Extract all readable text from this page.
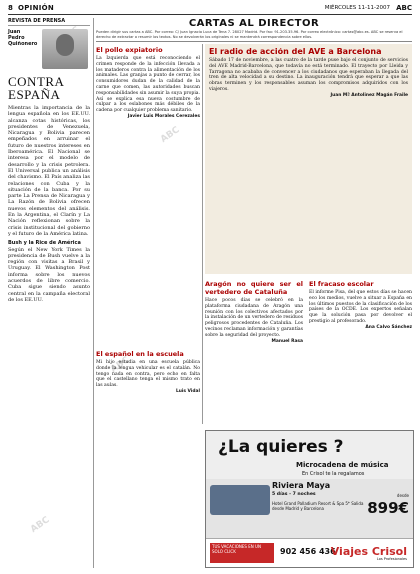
8 OPINIÓN	MIÉRCOLES 11-11-2007 ABC
ABC
ABC
ABC
REVISTA DE PRENSA
Juan Pedro Quiñonero
CONTRA ESPAÑA

Mientras la importancia de la lengua española en los EE.UU. alcanza cotas históricas, los presidentes de Venezuela, Nicaragua y Bolivia parecen empeñados en arruinar el futuro de nuestros intereses en Iberoamérica. El Nacional se interesa por el modelo de desarrollo y la crisis petrolera. El Universal publica un análisis del chavismo. El País analiza las relaciones con Cuba y la situación de la banca. Por su parte La Prensa de Nicaragua y La Razón de Bolivia ofrecen nuevos elementos del análisis. En la Argentina, el Clarín y La Nación reflexionan sobre la crisis institucional del gobierno y el futuro de la América latina.

Bush y la Rice de América

Según el New York Times la presidencia de Bush vuelve a la región con visitas a Brasil y Uruguay. El Washington Post informa sobre los nuevos acuerdos de libre comercio. Cuba sigue siendo asunto central en la campaña electoral de los EE.UU.

CARTAS AL DIRECTOR
Pueden dirigir sus cartas a ABC. Por correo: C/ Juan Ignacio Luca de Tena 7. 28027 Madrid. Por fax: 91.203.35.96. Por correo electrónico: cartas@abc.es. ABC se reserva el derecho de extractar o resumir los textos. No se devolverán los originales ni se mantendrá correspondencia sobre ellos.
El pollo expiatorio

La Izquierda que está reconociendo el crimen responde de la infección llevada a los mataderos contra la alimentación de los animales. Las granjas a punto de cerrar, los consumidores dudan de la calidad de la carne que comen, las autoridades buscan responsabilidades sin asumir la suya propia. Así se explica esa nueva costumbre de culpar a los eslabones más débiles de la cadena por cualquier problema sanitario.

Javier Luis Morales Cerezales
El radio de acción del AVE a Barcelona

Sábado 17 de noviembre, a las cuatro de la tarde puse bajo el conjunto de servicios del AVE Madrid-Barcelona, que todavía no está terminado. El trayecto por Lleida y Tarragona no acababa de convencer a los ciudadanos que esperaban la llegada del tren de alta velocidad a su destino. La inauguración tendrá que esperar a que las obras terminen y los responsables asuman los compromisos adquiridos con los viajeros.

Juan Mª Antolinez Magán Fraile
Aragón no quiere ser el vertedero de Cataluña

Hace pocos días se celebró en la plataforma ciudadana de Aragón una reunión con los colectivos afectados por la instalación de un vertedero de residuos peligrosos procedentes de Cataluña. Los vecinos reclaman información y garantías sobre la seguridad del proyecto.

Manuel Rasa
El español en la escuela

Mi hijo estudia en una escuela pública donde la lengua vehicular es el catalán. No tengo nada en contra, pero echo en falta que el castellano tenga el mismo trato en las aulas.

Luis Vidal
El fracaso escolar

El informe Pisa, del que estos días se hacen eco los medios, vuelve a situar a España en los últimos puestos de la clasificación de los países de la OCDE. Los expertos señalan que la solución pasa por devolver el prestigio al profesorado.

Ana Calvo Sánchez
¿La quieres ?
Microcadena de música
En Crisol te la regalamos
Riviera Maya
5 días - 7 noches
Hotel Grand Palladium Resort & Spa 5* Salida desde Madrid y Barcelona
desde
899€
TUS VACACIONES EN UN SOLO CLICK	902 456 436
Viajes Crisol
Los Profesionales
